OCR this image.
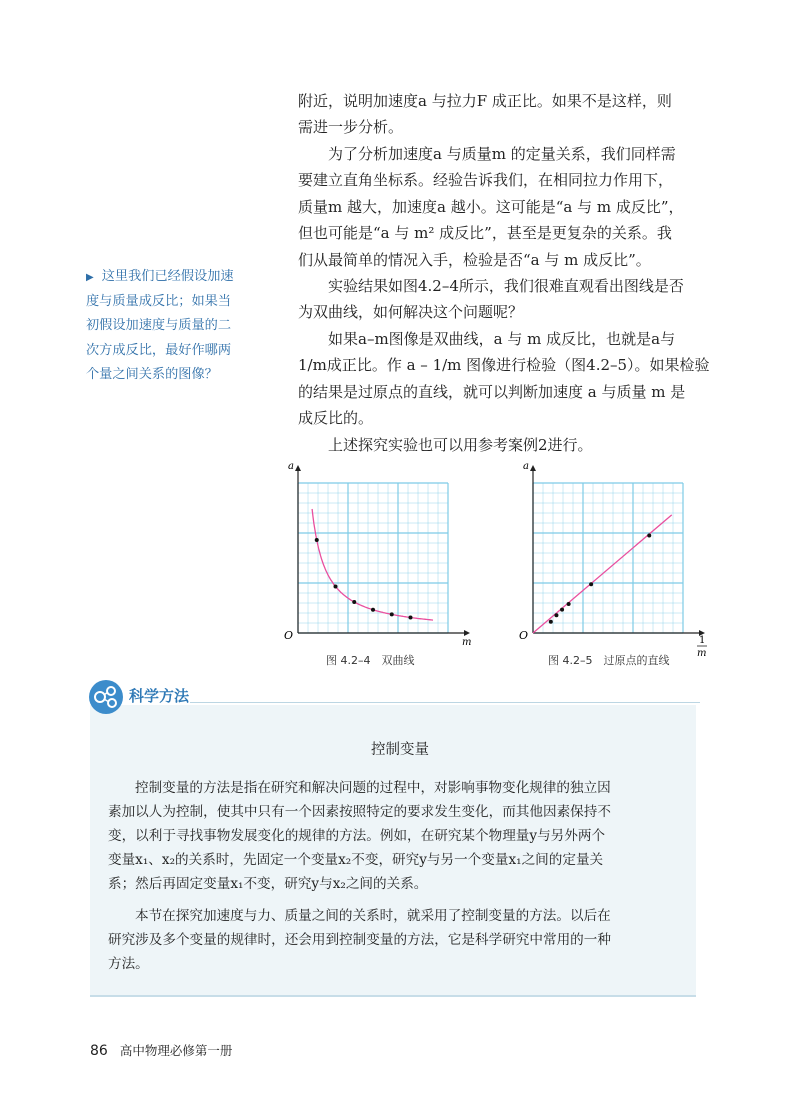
附近，说明加速度a 与拉力F 成正比。如果不是这样，则
需进一步分析。
为了分析加速度a 与质量m 的定量关系，我们同样需
要建立直角坐标系。经验告诉我们，在相同拉力作用下，
质量m 越大，加速度a 越小。这可能是“a 与 m 成反比”，
但也可能是“a 与 m² 成反比”，甚至是更复杂的关系。我
们从最简单的情况入手，检验是否“a 与 m 成反比”。
实验结果如图4.2–4所示，我们很难直观看出图线是否
为双曲线，如何解决这个问题呢？
如果a–m图像是双曲线，a 与 m 成反比，也就是a与
1/m成正比。作 a – 1/m 图像进行检验（图4.2–5）。如果检验
的结果是过原点的直线，就可以判断加速度 a 与质量 m 是
成反比的。
上述探究实验也可以用参考案例2进行。
▶ 这里我们已经假设加速
度与质量成反比；如果当
初假设加速度与质量的二
次方成反比，最好作哪两
个量之间关系的图像？
a
O
m
图 4.2–4　双曲线
a
O	1
m
图 4.2–5　过原点的直线
科学方法
控制变量
控制变量的方法是指在研究和解决问题的过程中，对影响事物变化规律的独立因
素加以人为控制，使其中只有一个因素按照特定的要求发生变化，而其他因素保持不
变，以利于寻找事物发展变化的规律的方法。例如，在研究某个物理量y与另外两个
变量x₁、x₂的关系时，先固定一个变量x₂不变，研究y与另一个变量x₁之间的定量关
系；然后再固定变量x₁不变，研究y与x₂之间的关系。
本节在探究加速度与力、质量之间的关系时，就采用了控制变量的方法。以后在
研究涉及多个变量的规律时，还会用到控制变量的方法，它是科学研究中常用的一种
方法。
86 高中物理必修第一册
